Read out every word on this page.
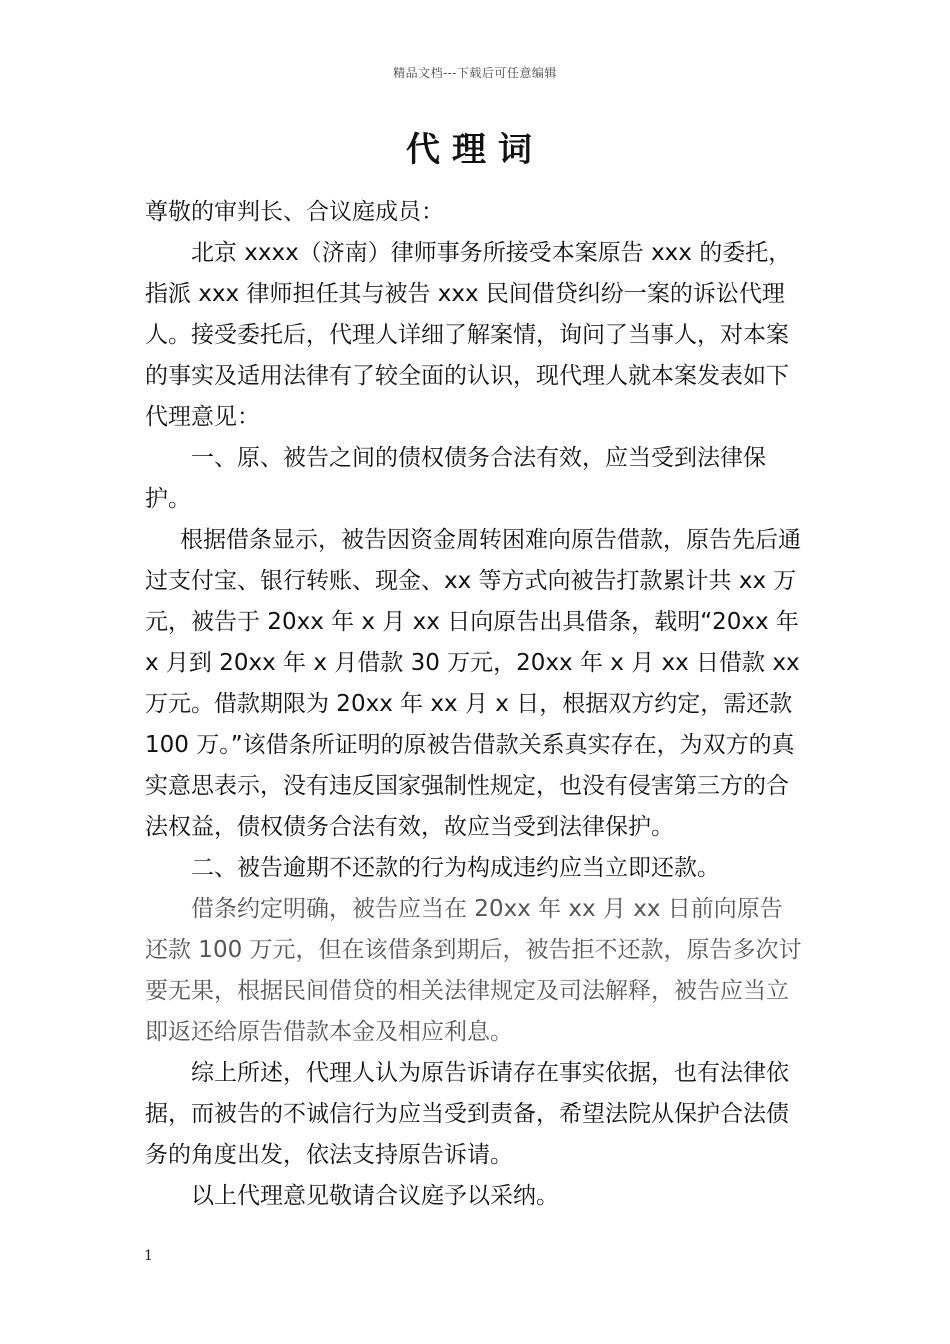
精品文档---下载后可任意编辑
代理词

尊敬的审判长、合议庭成员：

北京 xxxx（济南）律师事务所接受本案原告 xxx 的委托，指派 xxx 律师担任其与被告 xxx 民间借贷纠纷一案的诉讼代理人。接受委托后，代理人详细了解案情，询问了当事人，对本案的事实及适用法律有了较全面的认识，现代理人就本案发表如下代理意见：

一、原、被告之间的债权债务合法有效，应当受到法律保护。

根据借条显示，被告因资金周转困难向原告借款，原告先后通过支付宝、银行转账、现金、xx 等方式向被告打款累计共 xx 万元，被告于 20xx 年 x 月 xx 日向原告出具借条，载明“20xx 年 x 月到 20xx 年 x 月借款 30 万元，20xx 年 x 月 xx 日借款 xx 万元。借款期限为 20xx 年 xx 月 x 日，根据双方约定，需还款 100 万。”该借条所证明的原被告借款关系真实存在，为双方的真实意思表示，没有违反国家强制性规定，也没有侵害第三方的合法权益，债权债务合法有效，故应当受到法律保护。

二、被告逾期不还款的行为构成违约应当立即还款。

借条约定明确，被告应当在 20xx 年 xx 月 xx 日前向原告还款 100 万元，但在该借条到期后，被告拒不还款，原告多次讨要无果，根据民间借贷的相关法律规定及司法解释，被告应当立即返还给原告借款本金及相应利息。

综上所述，代理人认为原告诉请存在事实依据，也有法律依据，而被告的不诚信行为应当受到责备，希望法院从保护合法债务的角度出发，依法支持原告诉请。

以上代理意见敬请合议庭予以采纳。

1
